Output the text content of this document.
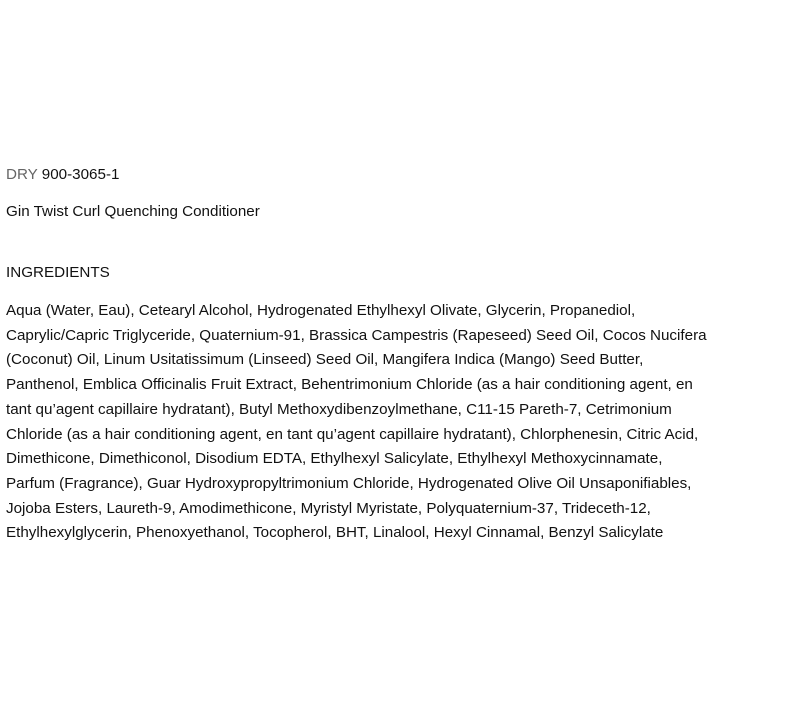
DRY 900-3065-1
Gin Twist Curl Quenching Conditioner
INGREDIENTS
Aqua (Water, Eau), Cetearyl Alcohol, Hydrogenated Ethylhexyl Olivate, Glycerin, Propanediol,
Caprylic/Capric Triglyceride, Quaternium-91, Brassica Campestris (Rapeseed) Seed Oil, Cocos Nucifera
(Coconut) Oil, Linum Usitatissimum (Linseed) Seed Oil, Mangifera Indica (Mango) Seed Butter,
Panthenol, Emblica Officinalis Fruit Extract, Behentrimonium Chloride (as a hair conditioning agent, en
tant qu’agent capillaire hydratant), Butyl Methoxydibenzoylmethane, C11-15 Pareth-7, Cetrimonium
Chloride (as a hair conditioning agent, en tant qu’agent capillaire hydratant), Chlorphenesin, Citric Acid,
Dimethicone, Dimethiconol, Disodium EDTA, Ethylhexyl Salicylate, Ethylhexyl Methoxycinnamate,
Parfum (Fragrance), Guar Hydroxypropyltrimonium Chloride, Hydrogenated Olive Oil Unsaponifiables,
Jojoba Esters, Laureth-9, Amodimethicone, Myristyl Myristate, Polyquaternium-37, Trideceth-12,
Ethylhexylglycerin, Phenoxyethanol, Tocopherol, BHT, Linalool, Hexyl Cinnamal, Benzyl Salicylate
